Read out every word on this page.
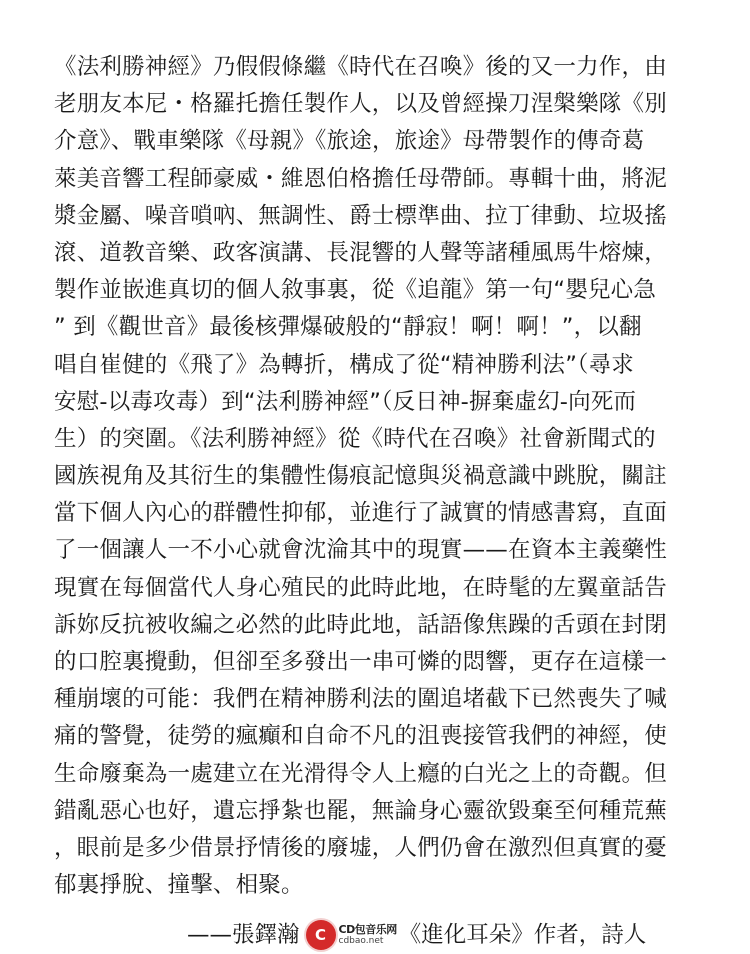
《法利勝神經》乃假假條繼《時代在召喚》後的又一力作，由
老朋友本尼・格羅托擔任製作人，以及曾經操刀涅槃樂隊《別
介意》、戰車樂隊《母親》《旅途，旅途》母帶製作的傳奇葛
萊美音響工程師豪威・維恩伯格擔任母帶師。專輯十曲，將泥
漿金屬、噪音嗩吶、無調性、爵士標準曲、拉丁律動、垃圾搖
滾、道教音樂、政客演講、長混響的人聲等諸種風馬牛熔煉，
製作並嵌進真切的個人敘事裏，從《追龍》第一句“嬰兒心急
” 到《觀世音》最後核彈爆破般的“靜寂！啊！啊！”，以翻
唱自崔健的《飛了》為轉折，構成了從“精神勝利法”（尋求
安慰-以毒攻毒）到“法利勝神經”（反日神-摒棄虛幻-向死而
生）的突圍。《法利勝神經》從《時代在召喚》社會新聞式的
國族視角及其衍生的集體性傷痕記憶與災禍意識中跳脫，關註
當下個人內心的群體性抑郁，並進行了誠實的情感書寫，直面
了一個讓人一不小心就會沈淪其中的現實——在資本主義藥性
現實在每個當代人身心殖民的此時此地，在時髦的左翼童話告
訴妳反抗被收編之必然的此時此地，話語像焦躁的舌頭在封閉
的口腔裏攪動，但卻至多發出一串可憐的悶響，更存在這樣一
種崩壞的可能：我們在精神勝利法的圍追堵截下已然喪失了喊
痛的警覺，徒勞的瘋癲和自命不凡的沮喪接管我們的神經，使
生命廢棄為一處建立在光滑得令人上癮的白光之上的奇觀。但
錯亂惡心也好，遺忘掙紮也罷，無論身心靈欲毀棄至何種荒蕪
，眼前是多少借景抒情後的廢墟，人們仍會在激烈但真實的憂
郁裏掙脫、撞擊、相聚。
——張鐸瀚	C	CD包音乐网
cdbao.net 《進化耳朵》作者，詩人
